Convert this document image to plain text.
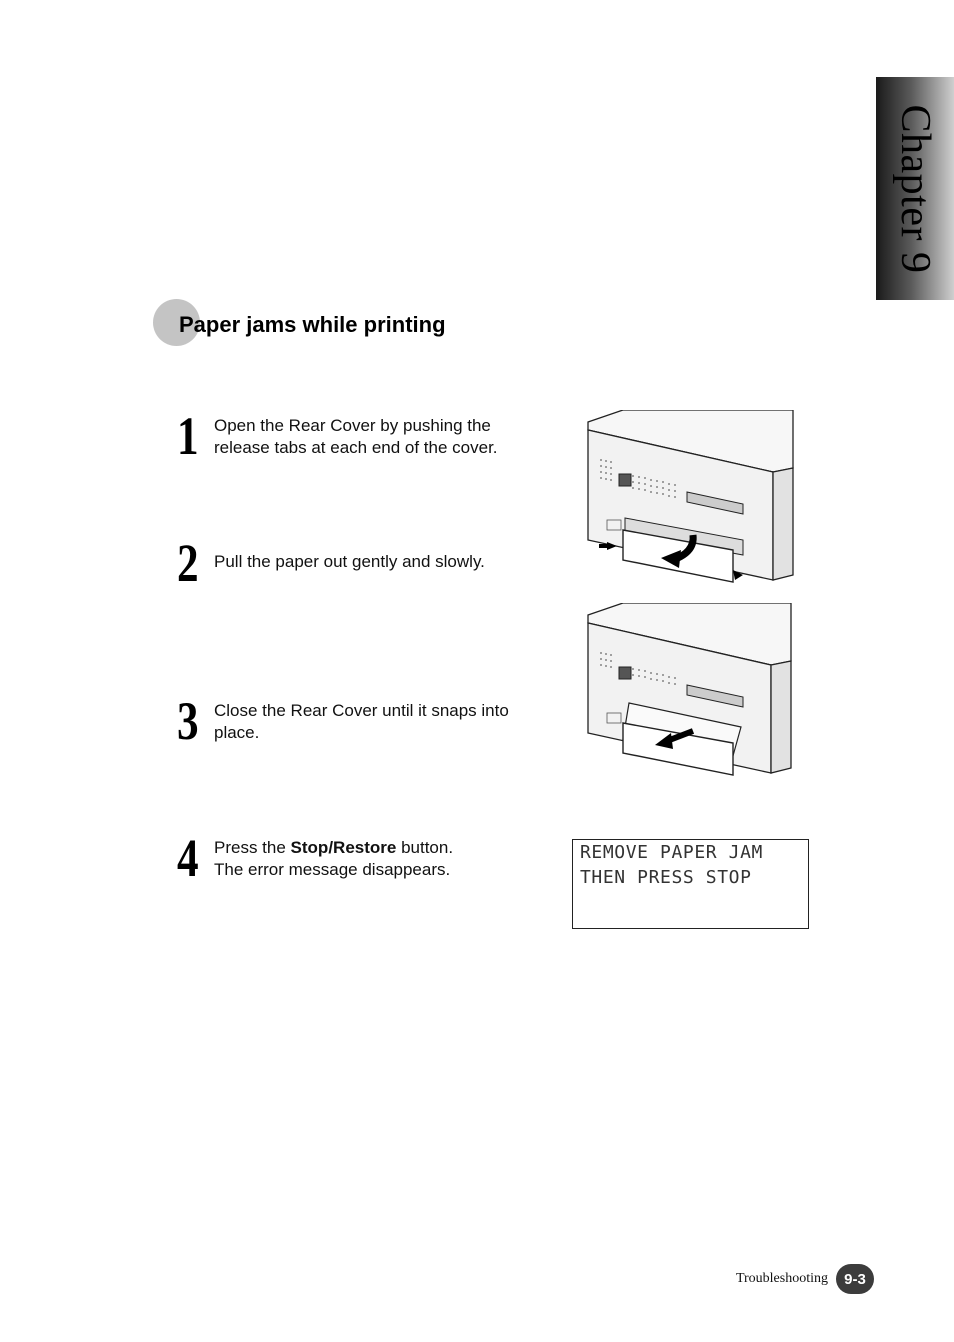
Chapter 9
Paper jams while printing
1 Open the Rear Cover by pushing the release tabs at each end of the cover.
2 Pull the paper out gently and slowly.
3 Close the Rear Cover until it snaps into place.
4 Press the Stop/Restore button.
The error message disappears.
REMOVE PAPER JAM
THEN PRESS STOP
Troubleshooting	9-3
